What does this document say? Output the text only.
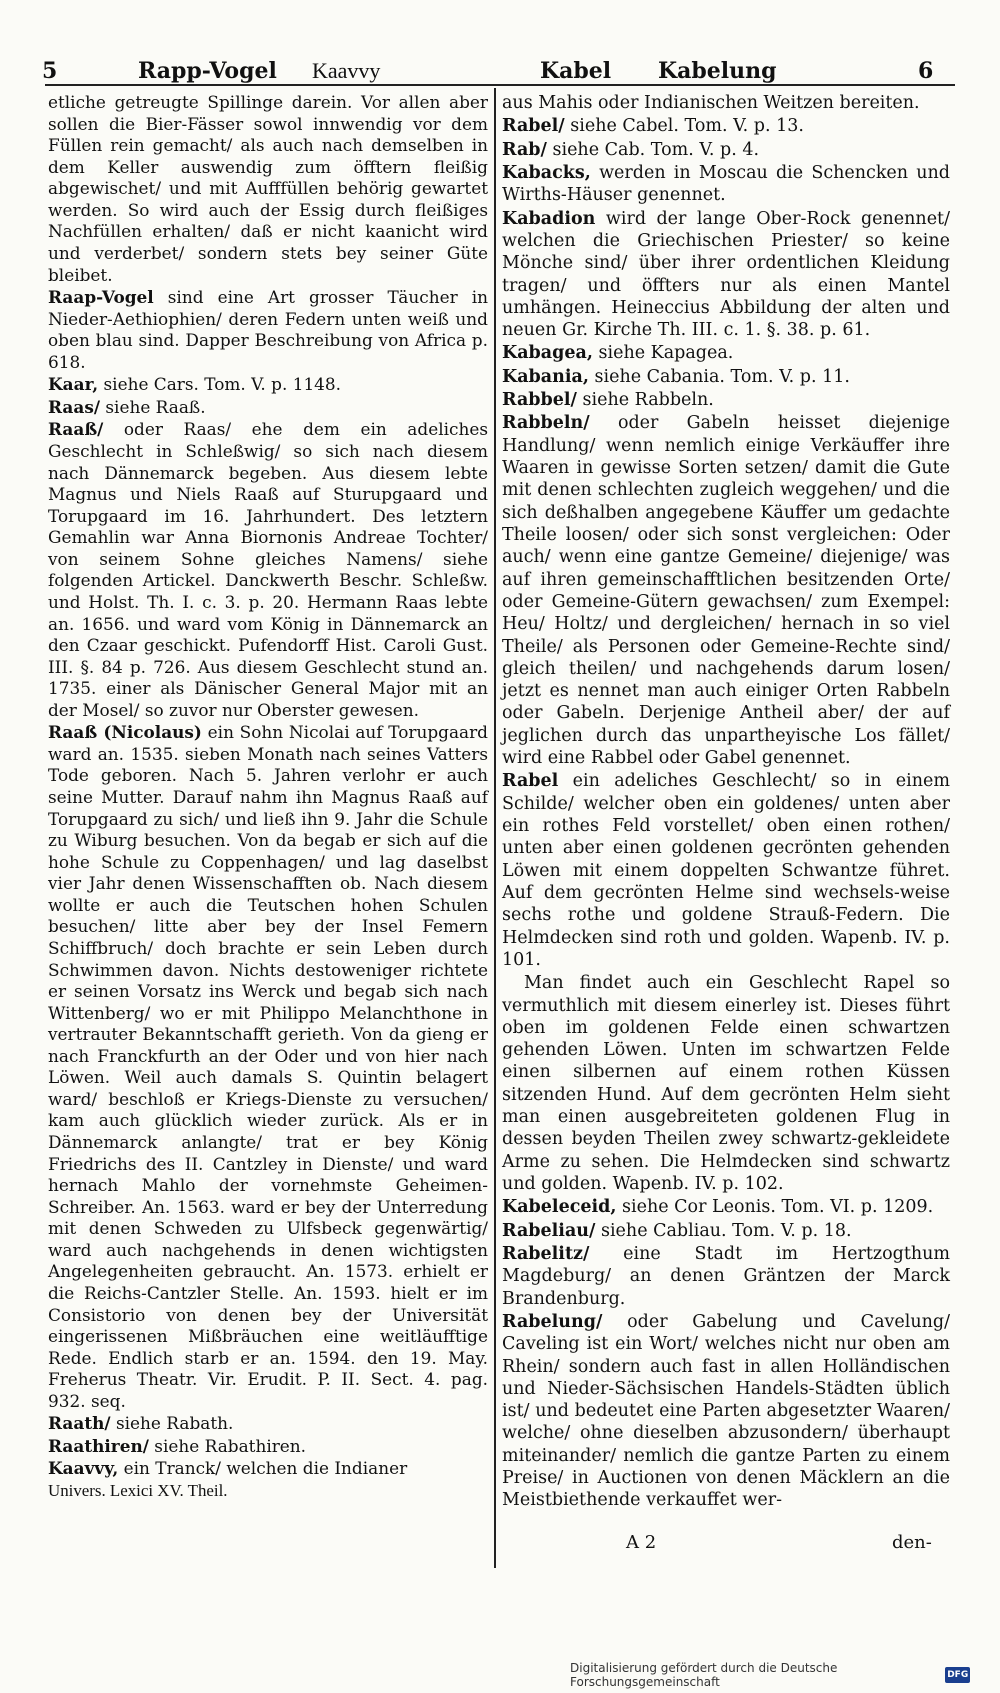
5	Rapp-Vogel Kaavvy	Kabel Kabelung	6

etliche getreugte Spillinge darein. Vor allen aber sollen die Bier-Fässer sowol innwendig vor dem Füllen rein gemacht/ als auch nach demselben in dem Keller auswendig zum öfftern fleißig abgewischet/ und mit Aufffüllen behörig gewartet werden. So wird auch der Essig durch fleißiges Nachfüllen erhalten/ daß er nicht kaanicht wird und verderbet/ sondern stets bey seiner Güte bleibet.

Raap-Vogel sind eine Art grosser Täucher in Nieder-Aethiophien/ deren Federn unten weiß und oben blau sind. Dapper Beschreibung von Africa p. 618.

Kaar, siehe Cars. Tom. V. p. 1148.

Raas/ siehe Raaß.

Raaß/ oder Raas/ ehe dem ein adeliches Geschlecht in Schleßwig/ so sich nach diesem nach Dännemarck begeben. Aus diesem lebte Magnus und Niels Raaß auf Sturupgaard und Torupgaard im 16. Jahrhundert. Des letztern Gemahlin war Anna Biornonis Andreae Tochter/ von seinem Sohne gleiches Namens/ siehe folgenden Artickel. Danckwerth Beschr. Schleßw. und Holst. Th. I. c. 3. p. 20. Hermann Raas lebte an. 1656. und ward vom König in Dännemarck an den Czaar geschickt. Pufendorff Hist. Caroli Gust. III. §. 84 p. 726. Aus diesem Geschlecht stund an. 1735. einer als Dänischer General Major mit an der Mosel/ so zuvor nur Oberster gewesen.

Raaß (Nicolaus) ein Sohn Nicolai auf Torupgaard ward an. 1535. sieben Monath nach seines Vatters Tode geboren. Nach 5. Jahren verlohr er auch seine Mutter. Darauf nahm ihn Magnus Raaß auf Torupgaard zu sich/ und ließ ihn 9. Jahr die Schule zu Wiburg besuchen. Von da begab er sich auf die hohe Schule zu Coppenhagen/ und lag daselbst vier Jahr denen Wissenschafften ob. Nach diesem wollte er auch die Teutschen hohen Schulen besuchen/ litte aber bey der Insel Femern Schiffbruch/ doch brachte er sein Leben durch Schwimmen davon. Nichts destoweniger richtete er seinen Vorsatz ins Werck und begab sich nach Wittenberg/ wo er mit Philippo Melanchthone in vertrauter Bekanntschafft gerieth. Von da gieng er nach Franckfurth an der Oder und von hier nach Löwen. Weil auch damals S. Quintin belagert ward/ beschloß er Kriegs-Dienste zu versuchen/ kam auch glücklich wieder zurück. Als er in Dännemarck anlangte/ trat er bey König Friedrichs des II. Cantzley in Dienste/ und ward hernach Mahlo der vornehmste Geheimen-Schreiber. An. 1563. ward er bey der Unterredung mit denen Schweden zu Ulfsbeck gegenwärtig/ ward auch nachgehends in denen wichtigsten Angelegenheiten gebraucht. An. 1573. erhielt er die Reichs-Cantzler Stelle. An. 1593. hielt er im Consistorio von denen bey der Universität eingerissenen Mißbräuchen eine weitläufftige Rede. Endlich starb er an. 1594. den 19. May. Freherus Theatr. Vir. Erudit. P. II. Sect. 4. pag. 932. seq.

Raath/ siehe Rabath.

Raathiren/ siehe Rabathiren.

Kaavvy, ein Tranck/ welchen die Indianer
Univers. Lexici XV. Theil.

aus Mahis oder Indianischen Weitzen bereiten.

Rabel/ siehe Cabel. Tom. V. p. 13.

Rab/ siehe Cab. Tom. V. p. 4.

Kabacks, werden in Moscau die Schencken und Wirths-Häuser genennet.

Kabadion wird der lange Ober-Rock genennet/ welchen die Griechischen Priester/ so keine Mönche sind/ über ihrer ordentlichen Kleidung tragen/ und öffters nur als einen Mantel umhängen. Heineccius Abbildung der alten und neuen Gr. Kirche Th. III. c. 1. §. 38. p. 61.

Kabagea, siehe Kapagea.

Kabania, siehe Cabania. Tom. V. p. 11.

Rabbel/ siehe Rabbeln.

Rabbeln/ oder Gabeln heisset diejenige Handlung/ wenn nemlich einige Verkäuffer ihre Waaren in gewisse Sorten setzen/ damit die Gute mit denen schlechten zugleich weggehen/ und die sich deßhalben angegebene Käuffer um gedachte Theile loosen/ oder sich sonst vergleichen: Oder auch/ wenn eine gantze Gemeine/ diejenige/ was auf ihren gemeinschafftlichen besitzenden Orte/ oder Gemeine-Gütern gewachsen/ zum Exempel: Heu/ Holtz/ und dergleichen/ hernach in so viel Theile/ als Personen oder Gemeine-Rechte sind/ gleich theilen/ und nachgehends darum losen/ jetzt es nennet man auch einiger Orten Rabbeln oder Gabeln. Derjenige Antheil aber/ der auf jeglichen durch das unpartheyische Los fället/ wird eine Rabbel oder Gabel genennet.

Rabel ein adeliches Geschlecht/ so in einem Schilde/ welcher oben ein goldenes/ unten aber ein rothes Feld vorstellet/ oben einen rothen/ unten aber einen goldenen gecrönten gehenden Löwen mit einem doppelten Schwantze führet. Auf dem gecrönten Helme sind wechsels-weise sechs rothe und goldene Strauß-Federn. Die Helmdecken sind roth und golden. Wapenb. IV. p. 101.

Man findet auch ein Geschlecht Rapel so vermuthlich mit diesem einerley ist. Dieses führt oben im goldenen Felde einen schwartzen gehenden Löwen. Unten im schwartzen Felde einen silbernen auf einem rothen Küssen sitzenden Hund. Auf dem gecrönten Helm sieht man einen ausgebreiteten goldenen Flug in dessen beyden Theilen zwey schwartz-gekleidete Arme zu sehen. Die Helmdecken sind schwartz und golden. Wapenb. IV. p. 102.

Kabeleceid, siehe Cor Leonis. Tom. VI. p. 1209.

Rabeliau/ siehe Cabliau. Tom. V. p. 18.

Rabelitz/ eine Stadt im Hertzogthum Magdeburg/ an denen Gräntzen der Marck Brandenburg.

Rabelung/ oder Gabelung und Cavelung/ Caveling ist ein Wort/ welches nicht nur oben am Rhein/ sondern auch fast in allen Holländischen und Nieder-Sächsischen Handels-Städten üblich ist/ und bedeutet eine Parten abgesetzter Waaren/ welche/ ohne dieselben abzusondern/ überhaupt miteinander/ nemlich die gantze Parten zu einem Preise/ in Auctionen von denen Mäcklern an die Meistbiethende verkauffet wer-

A 2	den-
Digitalisierung gefördert durch die Deutsche Forschungsgemeinschaft	DFG
